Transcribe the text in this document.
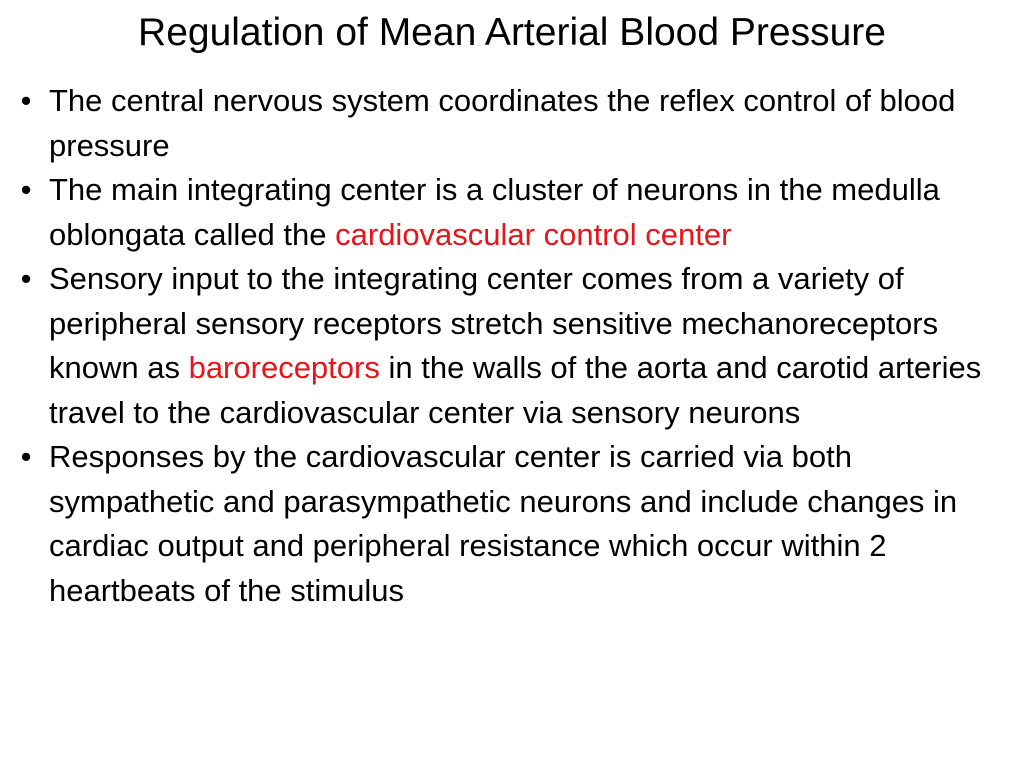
Regulation of Mean Arterial Blood Pressure
• The central nervous system coordinates the reflex control of blood pressure
• The main integrating center is a cluster of neurons in the medulla oblongata called the cardiovascular control center
• Sensory input to the integrating center comes from a variety of peripheral sensory receptors stretch sensitive mechanoreceptors known as baroreceptors in the walls of the aorta and carotid arteries travel to the cardiovascular center via sensory neurons
• Responses by the cardiovascular center is carried via both sympathetic and parasympathetic neurons and include changes in cardiac output and peripheral resistance which occur within 2 heartbeats of the stimulus
